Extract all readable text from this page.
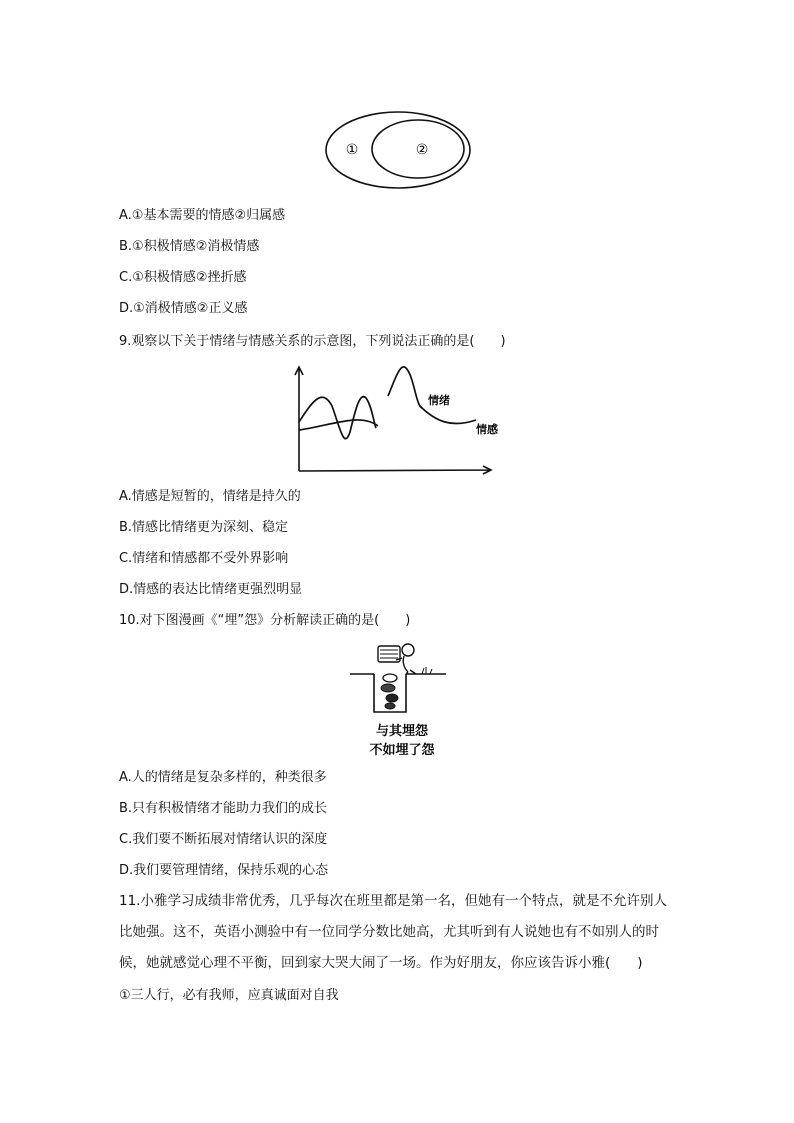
①	②
A.①基本需要的情感②归属感
B.①积极情感②消极情感
C.①积极情感②挫折感
D.①消极情感②正义感
9.观察以下关于情绪与情感关系的示意图，下列说法正确的是(　　)
情绪
情感
A.情感是短暂的，情绪是持久的
B.情感比情绪更为深刻、稳定
C.情绪和情感都不受外界影响
D.情感的表达比情绪更强烈明显
10.对下图漫画《“埋”怨》分析解读正确的是(　　)
与其埋怨
不如埋了怨
A.人的情绪是复杂多样的，种类很多
B.只有积极情绪才能助力我们的成长
C.我们要不断拓展对情绪认识的深度
D.我们要管理情绪，保持乐观的心态
11.小雅学习成绩非常优秀，几乎每次在班里都是第一名，但她有一个特点，就是不允许别人比她强。这不，英语小测验中有一位同学分数比她高，尤其听到有人说她也有不如别人的时候，她就感觉心理不平衡，回到家大哭大闹了一场。作为好朋友，你应该告诉小雅(　　)
①三人行，必有我师，应真诚面对自我
